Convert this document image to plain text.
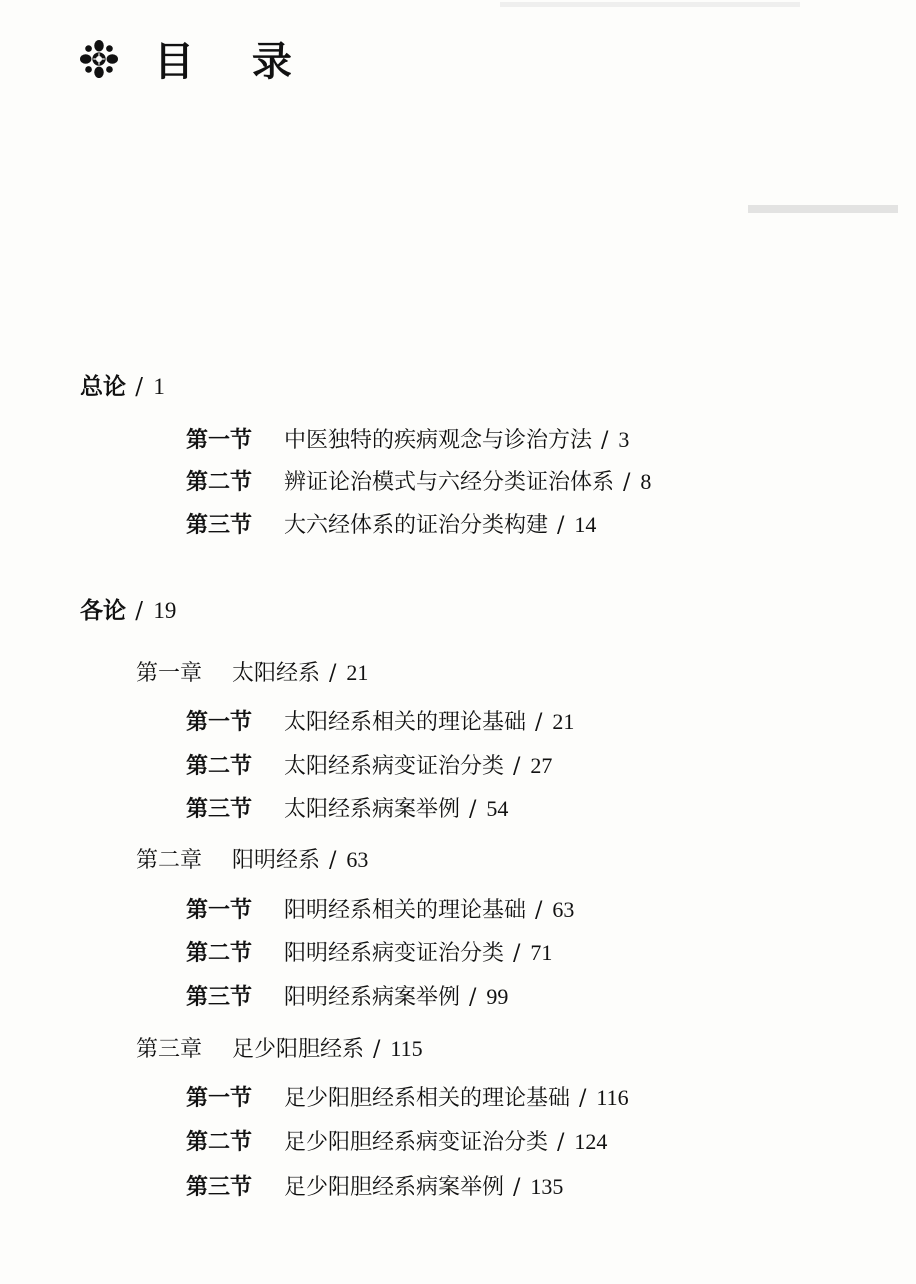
目 录
总论 / 1
第一节 中医独特的疾病观念与诊治方法 / 3
第二节 辨证论治模式与六经分类证治体系 / 8
第三节 大六经体系的证治分类构建 / 14
各论 / 19
第一章 太阳经系 / 21
第一节 太阳经系相关的理论基础 / 21
第二节 太阳经系病变证治分类 / 27
第三节 太阳经系病案举例 / 54
第二章 阳明经系 / 63
第一节 阳明经系相关的理论基础 / 63
第二节 阳明经系病变证治分类 / 71
第三节 阳明经系病案举例 / 99
第三章 足少阳胆经系 / 115
第一节 足少阳胆经系相关的理论基础 / 116
第二节 足少阳胆经系病变证治分类 / 124
第三节 足少阳胆经系病案举例 / 135
